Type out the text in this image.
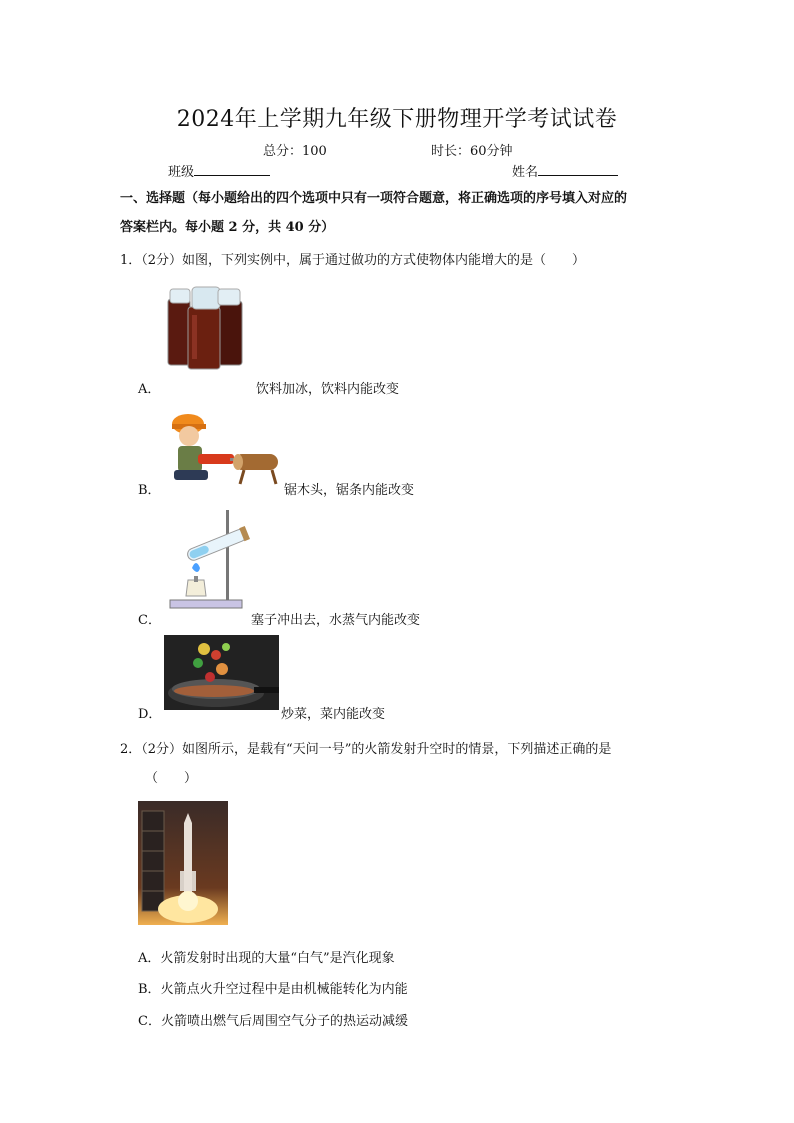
2024年上学期九年级下册物理开学考试试卷
总分：100	时长：60分钟
班级	姓名
一、选择题（每小题给出的四个选项中只有一项符合题意，将正确选项的序号填入对应的
答案栏内。每小题 2 分，共 40 分）
1．（2分）如图，下列实例中，属于通过做功的方式使物体内能增大的是（　　）
A．	饮料加冰，饮料内能改变
B．	锯木头，锯条内能改变
C．	塞子冲出去，水蒸气内能改变
D．	炒菜，菜内能改变
2．（2分）如图所示，是载有“天问一号”的火箭发射升空时的情景，下列描述正确的是
（　　）
A．火箭发射时出现的大量“白气”是汽化现象
B．火箭点火升空过程中是由机械能转化为内能
C．火箭喷出燃气后周围空气分子的热运动减缓
